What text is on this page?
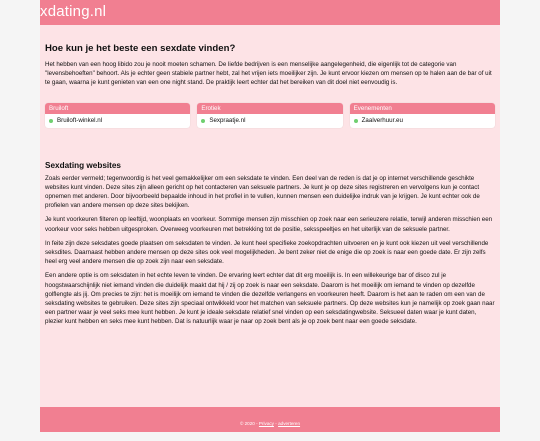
xdating.nl
Hoe kun je het beste een sexdate vinden?

Het hebben van een hoog libido zou je nooit moeten schamen. De liefde bedrijven is een menselijke aangelegenheid, die eigenlijk tot de categorie van "levensbehoeften" behoort. Als je echter geen stabiele partner hebt, zal het vrijen iets moeilijker zijn. Je kunt ervoor kiezen om mensen op te halen aan de bar of uit te gaan, waarna je kunt genieten van een one night stand. De praktijk leert echter dat het bereiken van dit doel niet eenvoudig is.

Bruiloft
Bruiloft-winkel.nl
Erotiek
Sexpraatje.nl
Evenementen
Zaalverhuur.eu
Sexdating websites

Zoals eerder vermeld; tegenwoordig is het veel gemakkelijker om een seksdate te vinden. Een deel van de reden is dat je op internet verschillende geschikte websites kunt vinden. Deze sites zijn alleen gericht op het contacteren van seksuele partners. Je kunt je op deze sites registreren en vervolgens kun je contact opnemen met anderen. Door bijvoorbeeld bepaalde inhoud in het profiel in te vullen, kunnen mensen een duidelijke indruk van je krijgen. Je kunt echter ook de profielen van andere mensen op deze sites bekijken.

Je kunt voorkeuren filteren op leeftijd, woonplaats en voorkeur. Sommige mensen zijn misschien op zoek naar een serieuzere relatie, terwijl anderen misschien een voorkeur voor seks hebben uitgesproken. Overweeg voorkeuren met betrekking tot de positie, seksspeeltjes en het uiterlijk van de seksuele partner.

In feite zijn deze seksdates goede plaatsen om seksdaten te vinden. Je kunt heel specifieke zoekopdrachten uitvoeren en je kunt ook kiezen uit veel verschillende seksdites. Daarnaast hebben andere mensen op deze sites ook veel mogelijkheden. Je bent zeker niet de enige die op zoek is naar een goede date. Er zijn zelfs heel erg veel andere mensen die op zoek zijn naar een seksdate.

Een andere optie is om seksdaten in het echte leven te vinden. De ervaring leert echter dat dit erg moeilijk is. In een willekeurige bar of disco zul je hoogstwaarschijnlijk niet iemand vinden die duidelijk maakt dat hij / zij op zoek is naar een seksdate. Daarom is het moeilijk om iemand te vinden op dezelfde golflengte als jij. Om precies te zijn: het is moeilijk om iemand te vinden die dezelfde verlangens en voorkeuren heeft. Daarom is het aan te raden om een van de seksdating websites te gebruiken. Deze sites zijn speciaal ontwikkeld voor het matchen van seksuele partners. Op deze websites kun je namelijk op zoek gaan naar een partner waar je veel seks mee kunt hebben. Je kunt je ideale seksdate relatief snel vinden op een seksdatingwebsite. Seksueel daten waar je kunt daten, plezier kunt hebben en seks mee kunt hebben. Dat is natuurlijk waar je naar op zoek bent als je op zoek bent naar een goede seksdate.

© 2020 - Privacy - adverteren
